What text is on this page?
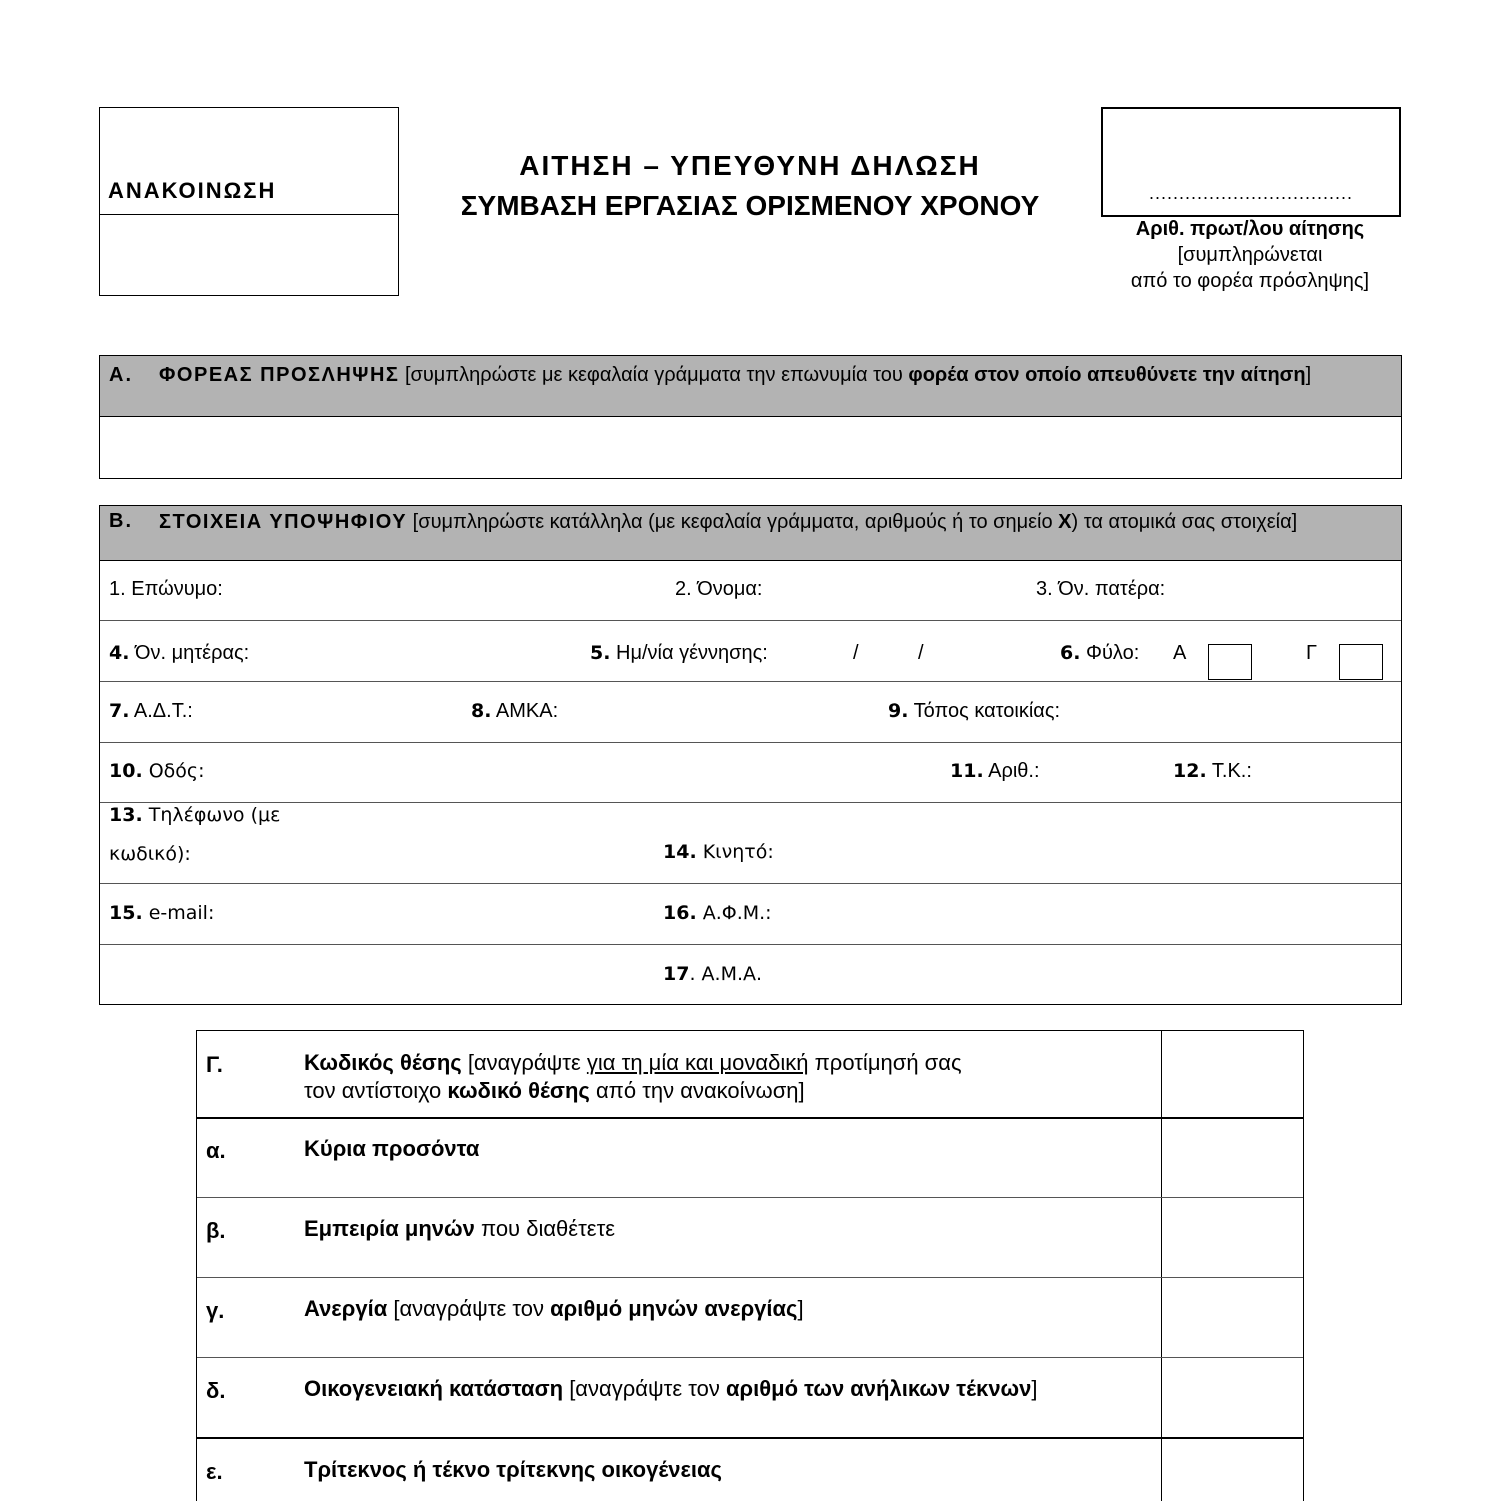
ΑΝΑΚΟΙΝΩΣΗ
ΑΙΤΗΣΗ – ΥΠΕΥΘΥΝΗ ΔΗΛΩΣΗ
ΣΥΜΒΑΣΗ ΕΡΓΑΣΙΑΣ ΟΡΙΣΜΕΝΟΥ ΧΡΟΝΟΥ	..................................
Αριθ. πρωτ/λου αίτησης
[συμπληρώνεται
από το φορέα πρόσληψης]
Α. ΦΟΡΕΑΣ ΠΡΟΣΛΗΨΗΣ [συμπληρώστε με κεφαλαία γράμματα την επωνυμία του φορέα στον οποίο απευθύνετε την αίτηση]
Β. ΣΤΟΙΧΕΙΑ ΥΠΟΨΗΦΙΟΥ [συμπληρώστε κατάλληλα (με κεφαλαία γράμματα, αριθμούς ή το σημείο Χ) τα ατομικά σας στοιχεία]
1. Επώνυμο:	2. Όνομα:	3. Όν. πατέρα:
4. Όν. μητέρας:	5. Ημ/νία γέννησης:	/	/	6. Φύλο: Α	Γ
7. Α.Δ.Τ.:	8. ΑΜΚΑ:	9. Τόπος κατοικίας:
10. Οδός:	11. Αριθ.:	12. Τ.Κ.:
13. Τηλέφωνο (με
κωδικό):	14. Κινητό:
15. e-mail:	16. Α.Φ.Μ.:
17. Α.Μ.Α.
Γ.	Κωδικός θέσης [αναγράψτε για τη μία και μοναδική προτίμησή σας
τον αντίστοιχο κωδικό θέσης από την ανακοίνωση]
α.	Κύρια προσόντα
β.	Εμπειρία μηνών που διαθέτετε
γ.	Ανεργία [αναγράψτε τον αριθμό μηνών ανεργίας]
δ.	Οικογενειακή κατάσταση [αναγράψτε τον αριθμό των ανήλικων τέκνων]
ε.	Τρίτεκνος ή τέκνο τρίτεκνης οικογένειας
